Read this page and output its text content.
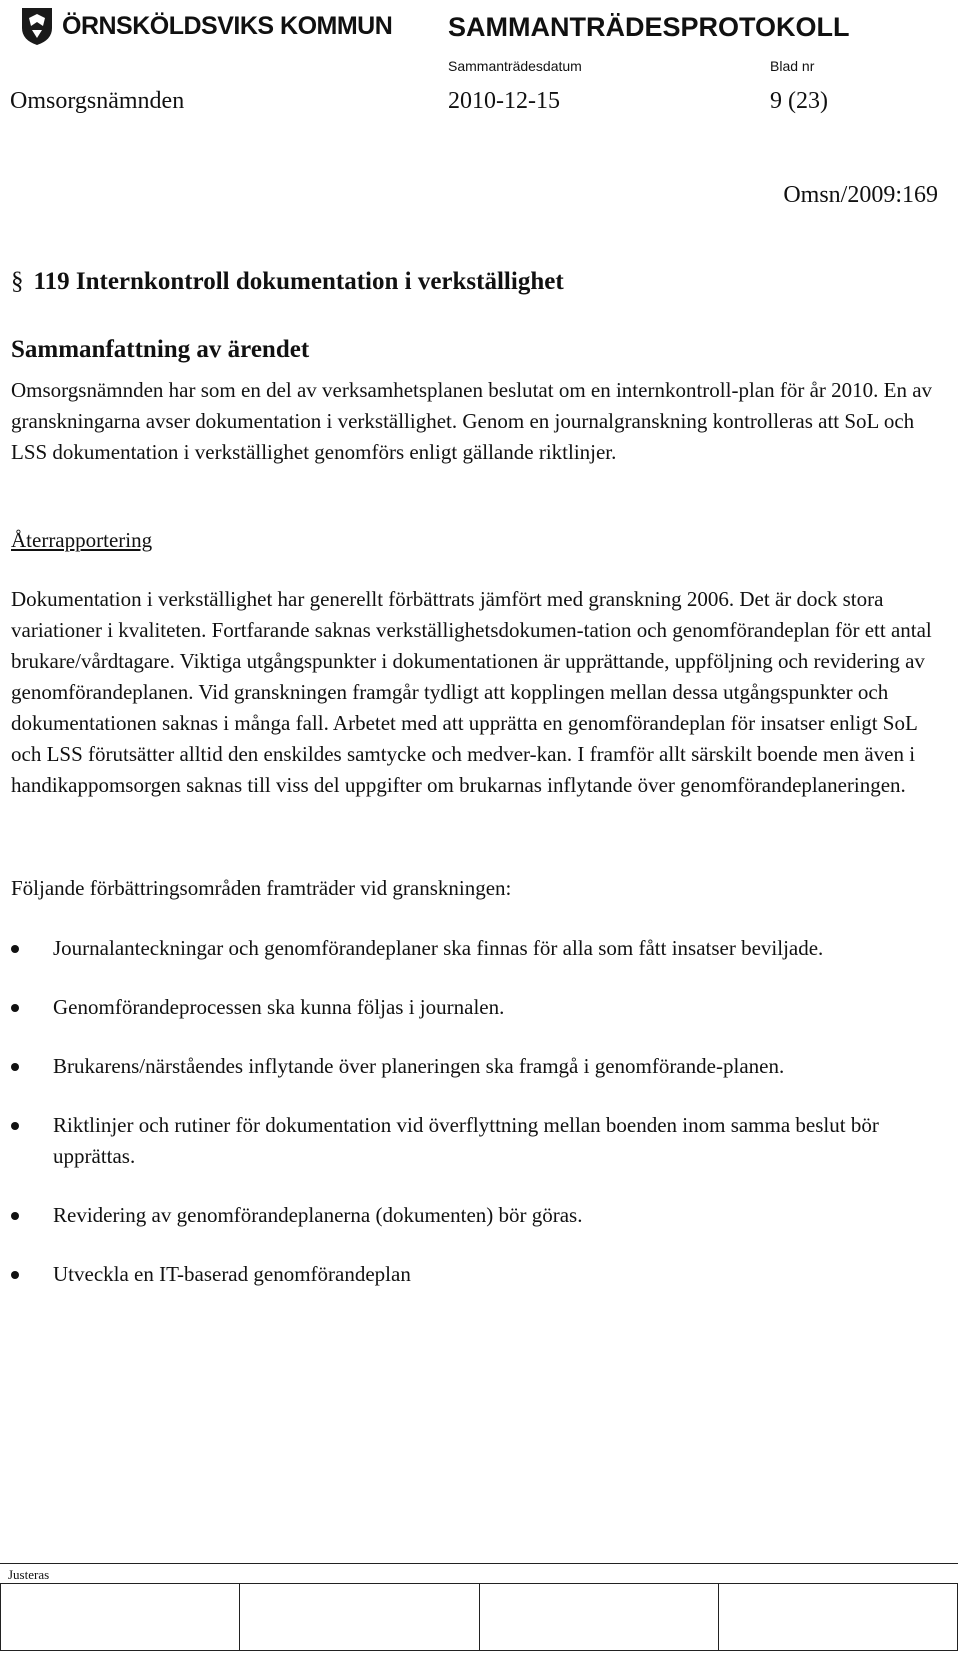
ÖRNSKÖLDSVIKS KOMMUN SAMMANTRÄDESPROTOKOLL
Sammanträdesdatum	Blad nr
Omsorgsnämnden	2010-12-15	9 (23)
Omsn/2009:169
§ 119 Internkontroll dokumentation i verkställighet
Sammanfattning av ärendet
Omsorgsnämnden har som en del av verksamhetsplanen beslutat om en internkontroll-plan för år 2010. En av granskningarna avser dokumentation i verkställighet. Genom en journalgranskning kontrolleras att SoL och LSS dokumentation i verkställighet genomförs enligt gällande riktlinjer.
Återrapportering
Dokumentation i verkställighet har generellt förbättrats jämfört med granskning 2006. Det är dock stora variationer i kvaliteten. Fortfarande saknas verkställighetsdokumen-tation och genomförandeplan för ett antal brukare/vårdtagare. Viktiga utgångspunkter i dokumentationen är upprättande, uppföljning och revidering av genomförandeplanen. Vid granskningen framgår tydligt att kopplingen mellan dessa utgångspunkter och dokumentationen saknas i många fall. Arbetet med att upprätta en genomförandeplan för insatser enligt SoL och LSS förutsätter alltid den enskildes samtycke och medver-kan. I framför allt särskilt boende men även i handikappomsorgen saknas till viss del uppgifter om brukarnas inflytande över genomförandeplaneringen.
Följande förbättringsområden framträder vid granskningen:
Journalanteckningar och genomförandeplaner ska finnas för alla som fått insatser beviljade.
Genomförandeprocessen ska kunna följas i journalen.
Brukarens/närståendes inflytande över planeringen ska framgå i genomförande-planen.
Riktlinjer och rutiner för dokumentation vid överflyttning mellan boenden inom samma beslut bör upprättas.
Revidering av genomförandeplanerna (dokumenten) bör göras.
Utveckla en IT-baserad genomförandeplan
Justeras
